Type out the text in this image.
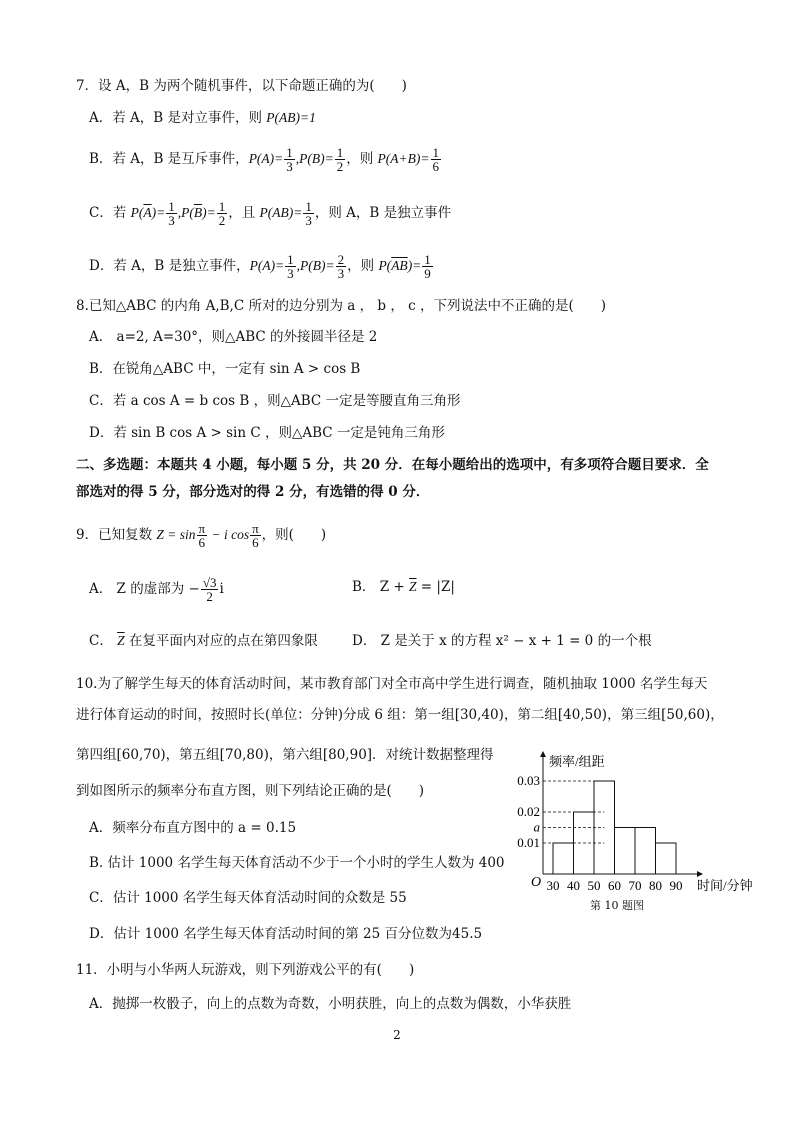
7．设 A，B 为两个随机事件，以下命题正确的为(　　)
A．若 A，B 是对立事件，则 P(AB)=1
B．若 A，B 是互斥事件，$P(A)= \frac{1}{3} ,P(B)= \frac{1}{2}$ ，则 $P(A+B)= \frac{1}{6}$
C．若 $P(\overline{A})= \frac{1}{3} ,P(\overline{B})= \frac{1}{2}$ ，且 $P(AB)= \frac{1}{3}$ ，则 A，B 是独立事件
D．若 A，B 是独立事件，$P(A)= \frac{1}{3} ,P(B)= \frac{2}{3}$ ，则 $P(\overline{AB})= \frac{1}{9}$
8.已知△ABC 的内角 A,B,C 所对的边分别为 a ， b ， c ，下列说法中不正确的是(　　)
A． a=2, A=30°，则△ABC 的外接圆半径是 2
B．在锐角△ABC 中，一定有 sin A > cos B
C．若 a cos A = b cos B ，则△ABC 一定是等腰直角三角形
D．若 sin B cos A > sin C ，则△ABC 一定是钝角三角形
二、多选题：本题共 4 小题，每小题 5 分，共 20 分．在每小题给出的选项中，有多项符合题目要求．全
部选对的得 5 分，部分选对的得 2 分，有选错的得 0 分．
9．已知复数 $Z = \sin \frac{\pi}{6} - i$ $\cos \frac{\pi}{6}$ ，则(　　)
A． Z 的虚部为 − $\frac{√3}{2}$ i	B． $Z + \overline{Z} = |Z|$
C． $\overline{Z}$ 在复平面内对应的点在第四象限	D． Z 是关于 x 的方程 x² − x + 1 = 0 的一个根
10.为了解学生每天的体育活动时间，某市教育部门对全市高中学生进行调查，随机抽取 1000 名学生每天
进行体育运动的时间，按照时长(单位：分钟)分成 6 组：第一组[30,40)，第二组[40,50)，第三组[50,60)，
第四组[60,70)，第五组[70,80)，第六组[80,90]．对统计数据整理得
到如图所示的频率分布直方图，则下列结论正确的是(　　)
A．频率分布直方图中的 a = 0.15
B. 估计 1000 名学生每天体育活动不少于一个小时的学生人数为 400
C．估计 1000 名学生每天体育活动时间的众数是 55
D．估计 1000 名学生每天体育活动时间的第 25 百分位数为45.5
0.01
a
0.02
0.03
30 40 50 60 70 80 90
O
频率/组距
时间/分钟
第 10 题图
11．小明与小华两人玩游戏，则下列游戏公平的有(　　)
A．抛掷一枚骰子，向上的点数为奇数，小明获胜，向上的点数为偶数，小华获胜
2
